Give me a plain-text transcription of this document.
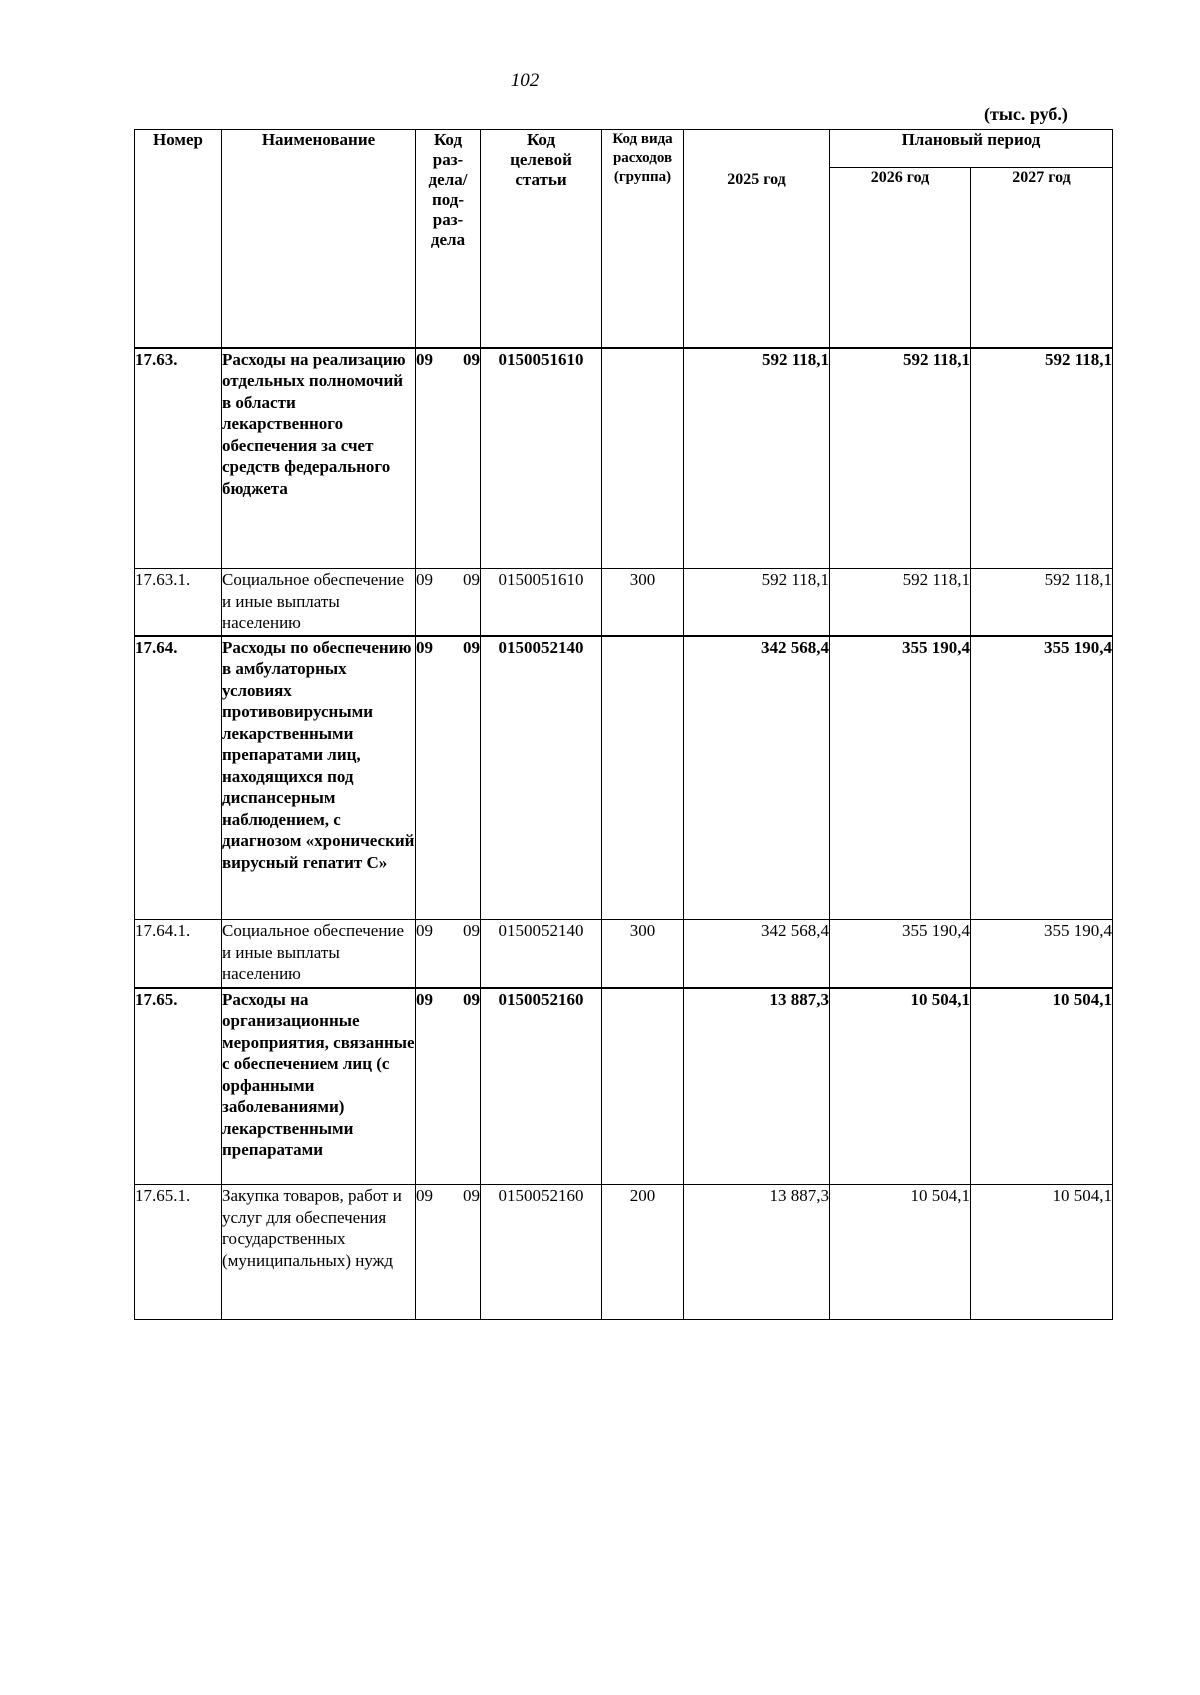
102
(тыс. руб.)
Номер	Наименование	Код раз-дела/ под-раз-дела	Код целевой статьи	Код вида расходов (группа)	2025 год	Плановый период	
						2026 год	2027 год
17.63.	Расходы на реализацию отдельных полномочий в области лекарственного обеспечения за счет средств федерального бюджета	09 09	0150051610		592 118,1	592 118,1	592 118,1
17.63.1.	Социальное обеспечение и иные выплаты населению	09 09	0150051610	300	592 118,1	592 118,1	592 118,1
17.64.	Расходы по обеспечению в амбулаторных условиях противовирусными лекарственными препаратами лиц, находящихся под диспансерным наблюдением, с диагнозом «хронический вирусный гепатит С»	09 09	0150052140		342 568,4	355 190,4	355 190,4
17.64.1.	Социальное обеспечение и иные выплаты населению	09 09	0150052140	300	342 568,4	355 190,4	355 190,4
17.65.	Расходы на организационные мероприятия, связанные с обеспечением лиц (с орфанными заболеваниями) лекарственными препаратами	09 09	0150052160		13 887,3	10 504,1	10 504,1
17.65.1.	Закупка товаров, работ и услуг для обеспечения государственных (муниципальных) нужд	09 09	0150052160	200	13 887,3	10 504,1	10 504,1
